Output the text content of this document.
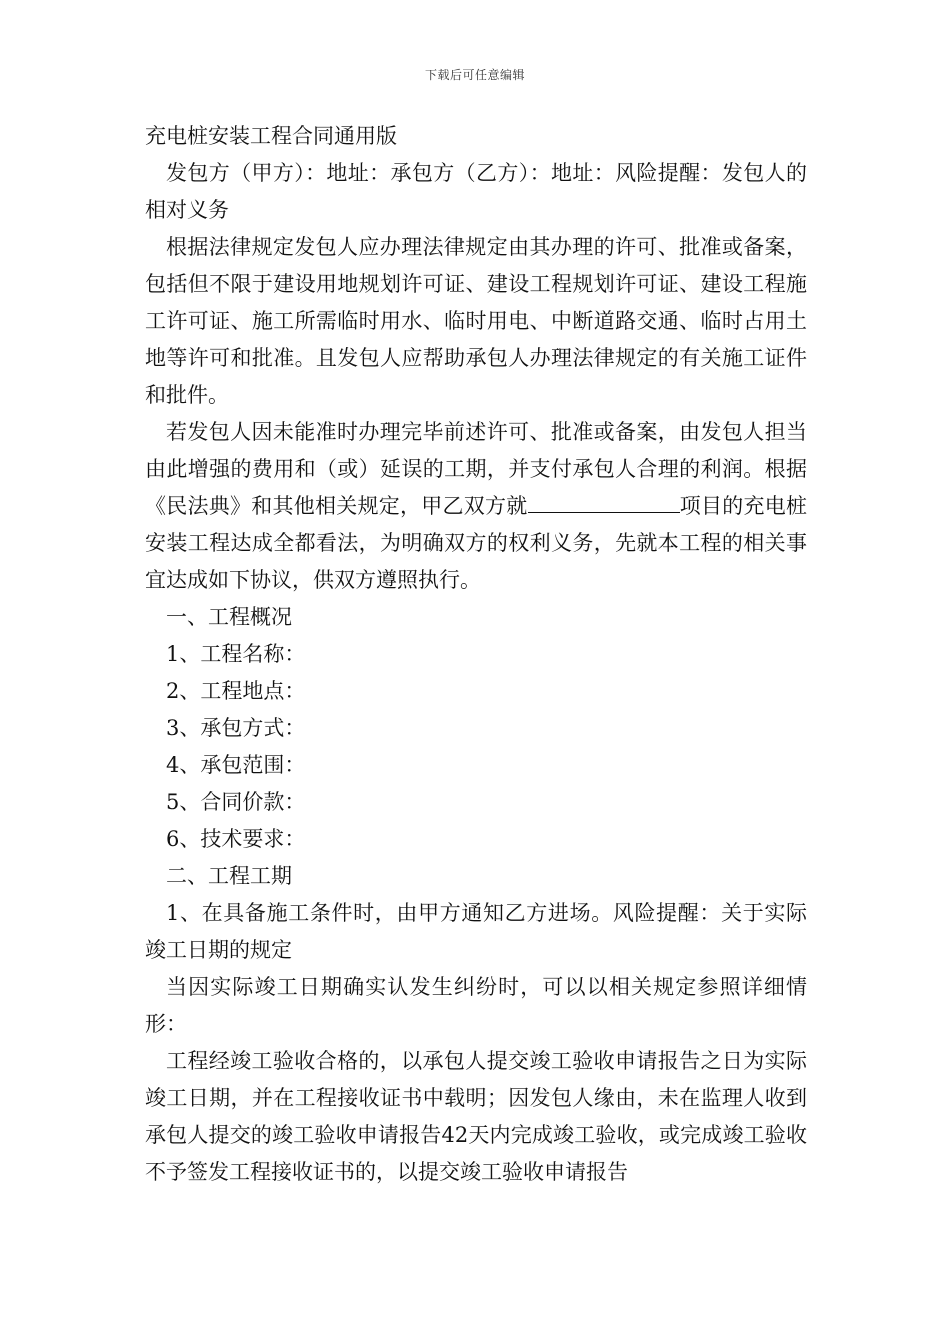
下载后可任意编辑

充电桩安装工程合同通用版

发包方（甲方）：地址：承包方（乙方）：地址：风险提醒：发包人的相对义务

根据法律规定发包人应办理法律规定由其办理的许可、批准或备案，包括但不限于建设用地规划许可证、建设工程规划许可证、建设工程施工许可证、施工所需临时用水、临时用电、中断道路交通、临时占用土地等许可和批准。且发包人应帮助承包人办理法律规定的有关施工证件和批件。

若发包人因未能准时办理完毕前述许可、批准或备案，由发包人担当由此增强的费用和（或）延误的工期，并支付承包人合理的利润。根据《民法典》和其他相关规定，甲乙双方就	项目的充电桩安装工程达成全都看法，为明确双方的权利义务，先就本工程的相关事宜达成如下协议，供双方遵照执行。

一、工程概况

1、工程名称：

2、工程地点：

3、承包方式：

4、承包范围：

5、合同价款：

6、技术要求：

二、工程工期

1、在具备施工条件时，由甲方通知乙方进场。风险提醒：关于实际竣工日期的规定

当因实际竣工日期确实认发生纠纷时，可以以相关规定参照详细情形：

工程经竣工验收合格的，以承包人提交竣工验收申请报告之日为实际竣工日期，并在工程接收证书中载明；因发包人缘由，未在监理人收到承包人提交的竣工验收申请报告42天内完成竣工验收，或完成竣工验收不予签发工程接收证书的，以提交竣工验收申请报告
